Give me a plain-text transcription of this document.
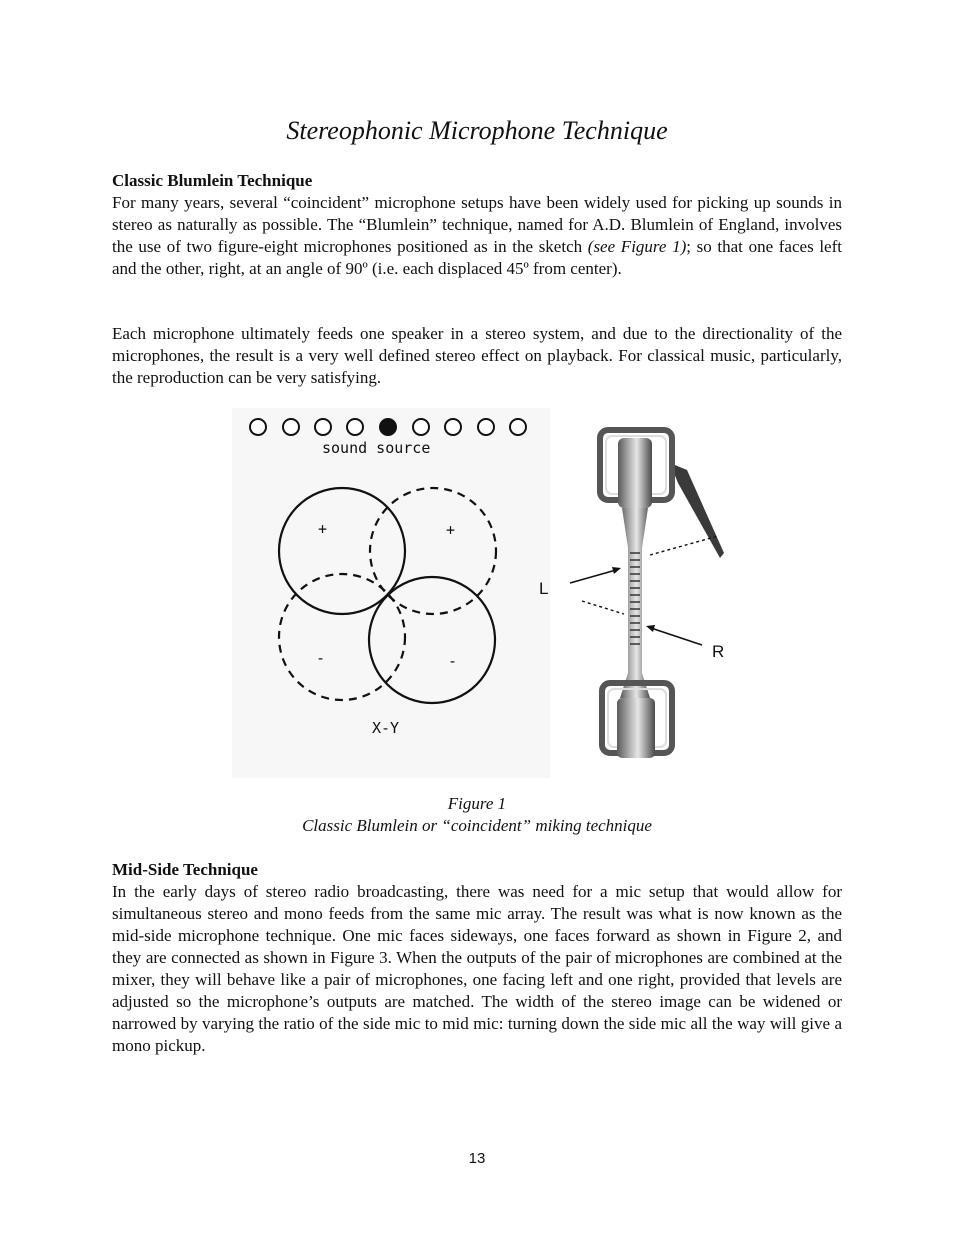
Stereophonic Microphone Technique
Classic Blumlein Technique

For many years, several “coincident” microphone setups have been widely used for picking up sounds in stereo as naturally as possible. The “Blumlein” technique, named for A.D. Blumlein of England, involves the use of two figure-eight microphones positioned as in the sketch (see Figure 1); so that one faces left and the other, right, at an angle of 90º (i.e. each displaced 45º from center).

Each microphone ultimately feeds one speaker in a stereo system, and due to the directionality of the microphones, the result is a very well defined stereo effect on playback. For classical music, particularly, the reproduction can be very satisfying.

sound source
+	+
-	-
X-Y
L
R
Figure 1
Classic Blumlein or “coincident” miking technique
Mid-Side Technique

In the early days of stereo radio broadcasting, there was need for a mic setup that would allow for simultaneous stereo and mono feeds from the same mic array. The result was what is now known as the mid-side microphone technique. One mic faces sideways, one faces forward as shown in Figure 2, and they are connected as shown in Figure 3. When the outputs of the pair of microphones are combined at the mixer, they will behave like a pair of microphones, one facing left and one right, provided that levels are adjusted so the microphone’s outputs are matched. The width of the stereo image can be widened or narrowed by varying the ratio of the side mic to mid mic: turning down the side mic all the way will give a mono pickup.

13
